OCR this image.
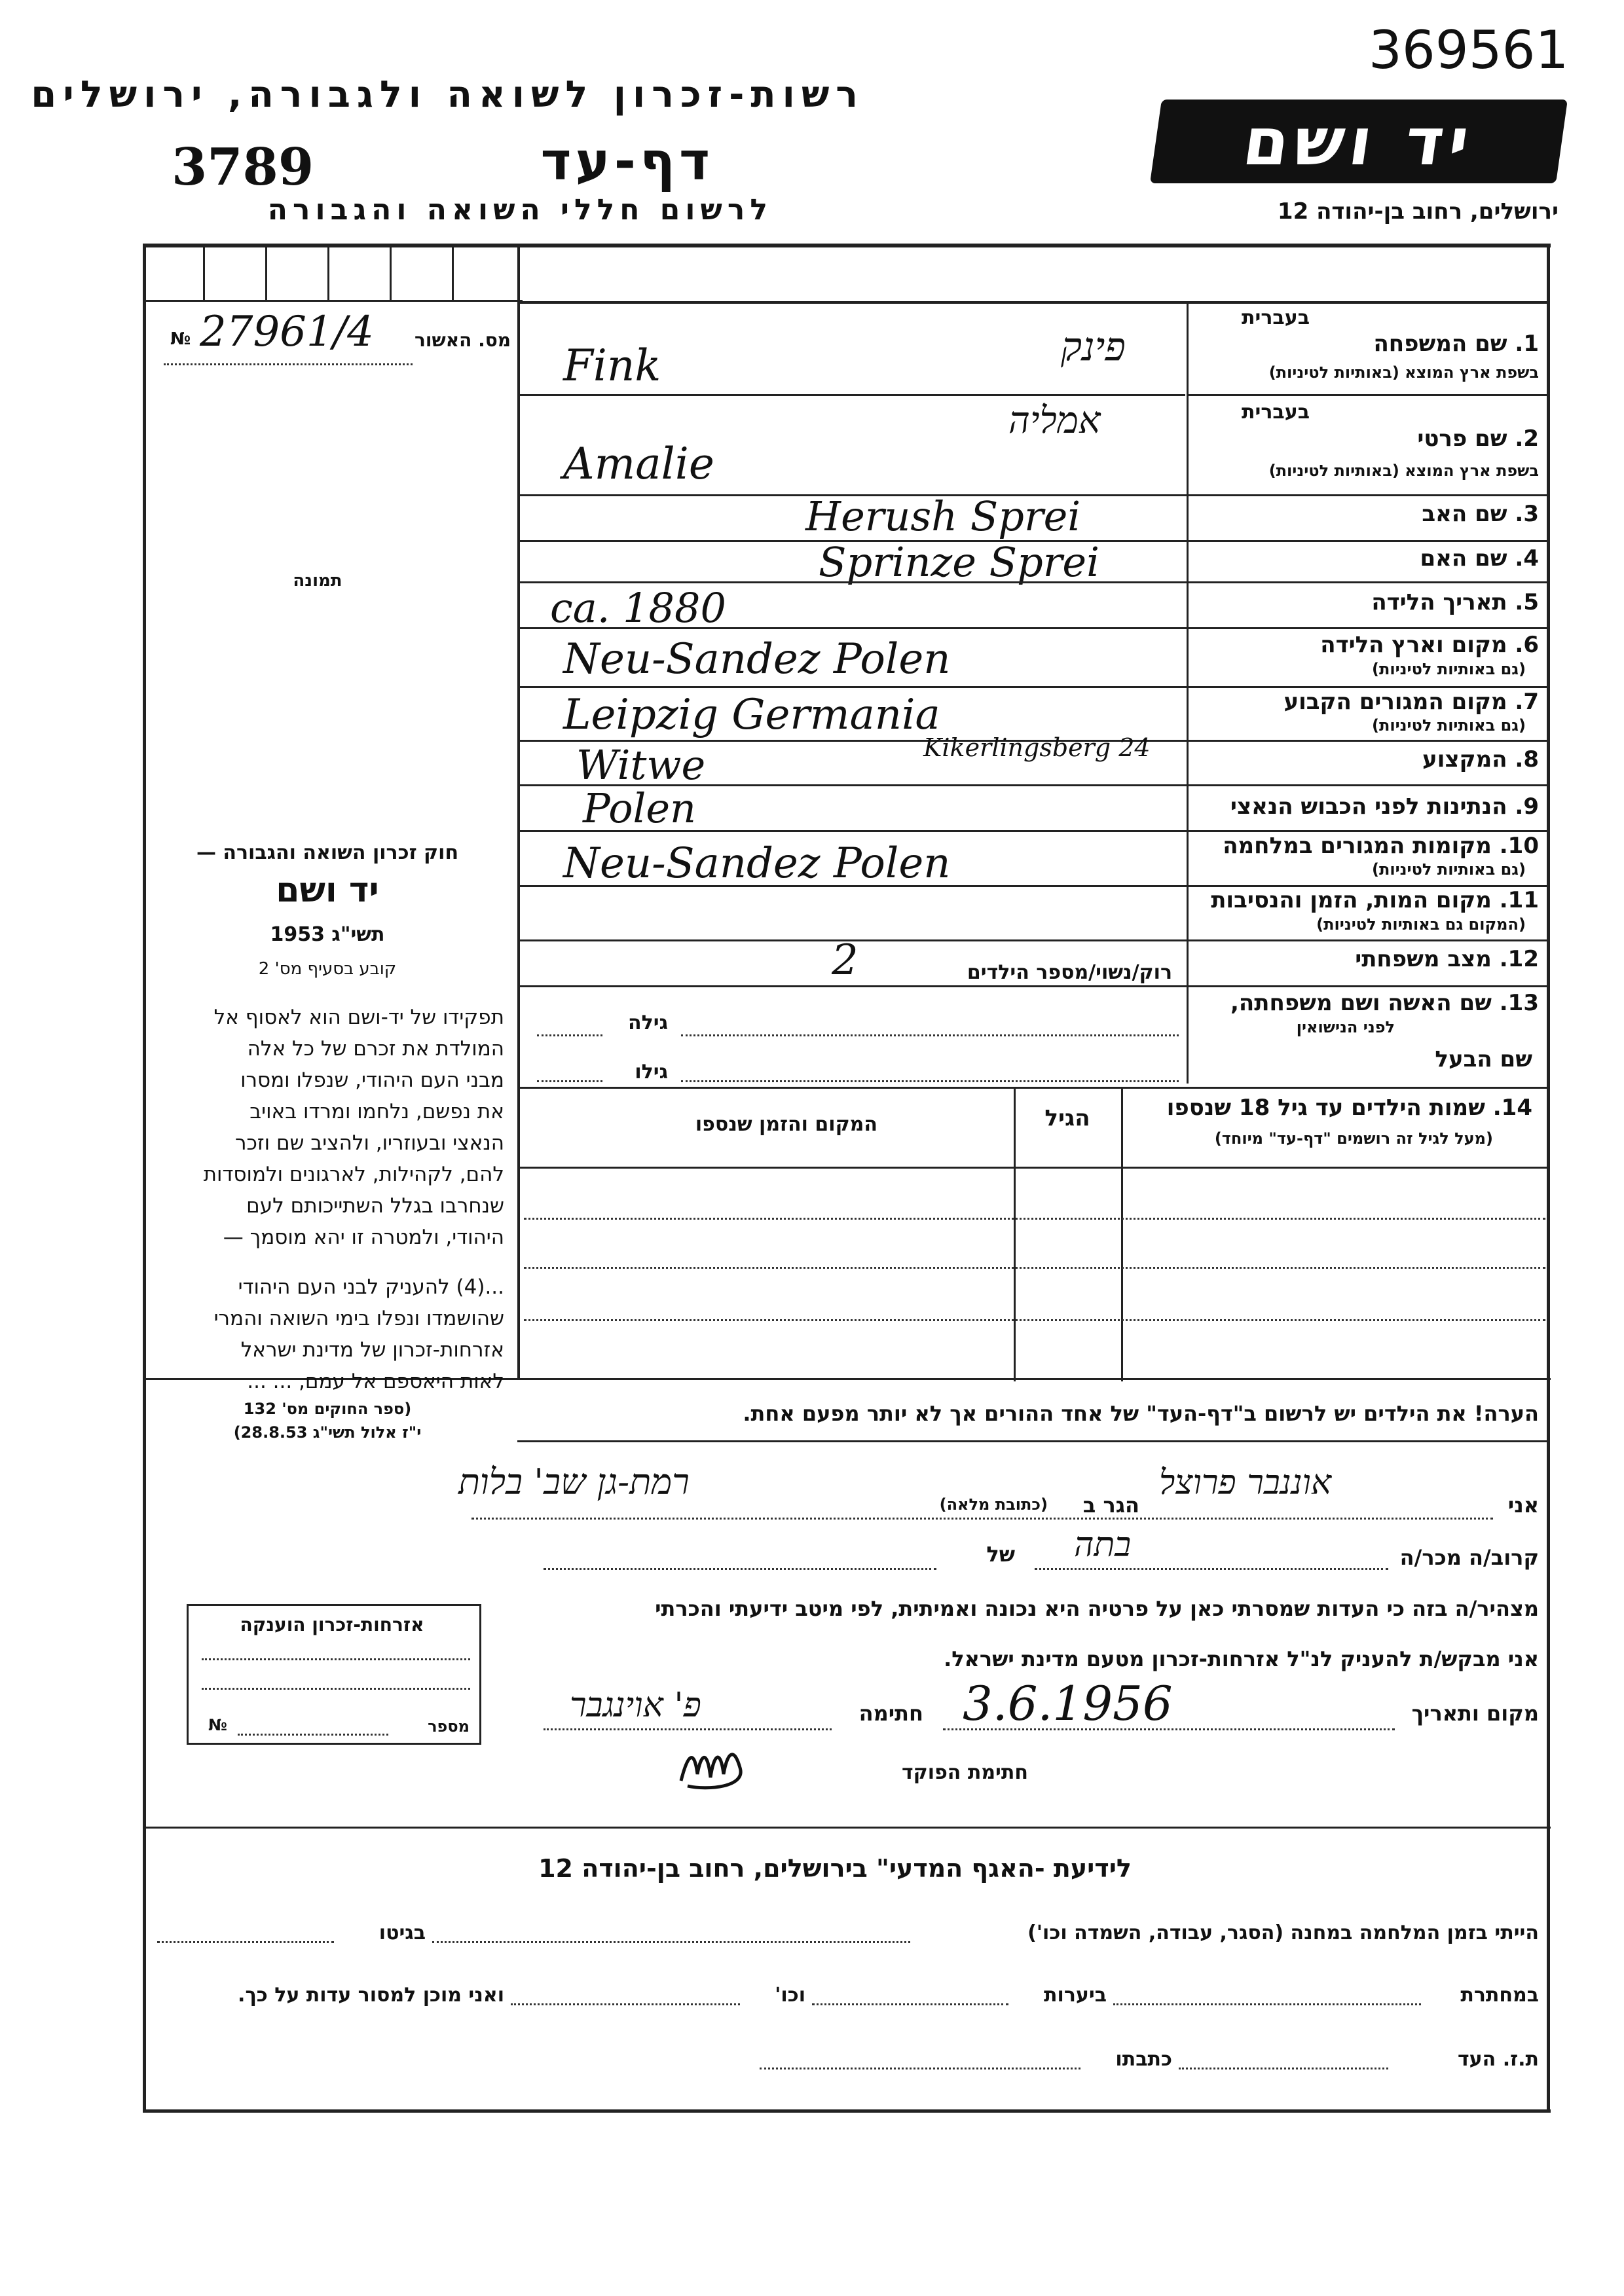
369561
רשות-זכרון לשואה ולגבורה, ירושלים
יד ושם
3789	דף-עד
לרשום חללי השואה והגבורה	ירושלים, רחוב בן-יהודה 12
№ 27961/4 מס. האשור
תמונה
בעברית
1. שם המשפחה
בשפת ארץ המוצא (באותיות לטיניות)
Fink	פינק
בעברית
2. שם פרטי
בשפת ארץ המוצא (באותיות לטיניות)
אמליה
Amalie
3. שם האב
Herush Sprei
4. שם האם
Sprinze Sprei
5. תאריך הלידה
ca. 1880
6. מקום וארץ הלידה
(גם באותיות לטיניות)
Neu-Sandez Polen
7. מקום המגורים הקבוע
(גם באותיות לטיניות)
Leipzig Germania
8. המקצוע
Witwe	Kikerlingsberg 24
9. הנתינות לפני הכבוש הנאצי
Polen
10. מקומות המגורים במלחמה
(גם באותיות לטיניות)
Neu-Sandez Polen
11. מקום המות, הזמן והנסיבות
(המקום גם באותיות לטיניות)
12. מצב משפחתי
רוק/נשוי/מספר הילדים
2
13. שם האשה ושם משפחתה,
לפני הנישואין
גילה
שם הבעל
גילו
14. שמות הילדים עד גיל 18 שנספו
(מעל לגיל זה רושמים "דף-עד" מיוחד)
הגיל
המקום והזמן שנספו
חוק זכרון השואה והגבורה —
יד ושם
תשי"ג 1953
קובע בסעיף מס' 2
תפקידו של יד-ושם הוא לאסוף אל
המולדת את זכרם של כל אלה
מבני העם היהודי, שנפלו ומסרו
את נפשם, נלחמו ומרדו באויב
הנאצי ובעוזריו, ולהציב שם וזכר
להם, לקהילות, לארגונים ולמוסדות
שנחרבו בגלל השתייכותם לעם
היהודי, ולמטרה זו יהא מוסמך —
...(4) להעניק לבני העם היהודי
שהושמדו ונפלו בימי השואה והמרי
אזרחות-זכרון של מדינת ישראל
לאות היאספם אל עמם, ... ...
(ספר החוקים מס' 132
י"ז אלול תשי"ג 28.8.53)
הערה! את הילדים יש לרשום ב"דף-העד" של אחד ההורים אך לא יותר מפעם אחת.
אני
אוננבר פרוצל
הגר ב
(כתובת מלאה)
רמת-גן שב' בלות
קרוב/ה מכר/ה
בתה
של
מצהיר/ה בזה כי העדות שמסרתי כאן על פרטיה היא נכונה ואמיתית, לפי מיטב ידיעתי והכרתי
אני מבקש/ת להעניק לנ"ל אזרחות-זכרון מטעם מדינת ישראל.
מקום ותאריך
3.6.1956
חתימה
פ' אוינגבר
חתימת הפוקד
אזרחות-זכרון הוענקה
מספר
№
לידיעת -האגף המדעי" בירושלים, רחוב בן-יהודה 12
הייתי בזמן המלחמה במחנה (הסגר, עבודה, השמדה וכו')
בגיטו
במחתרת
ביערות
וכו'
ואני מוכן למסור עדות על כך.
ת.ז. העד
כתבתו
